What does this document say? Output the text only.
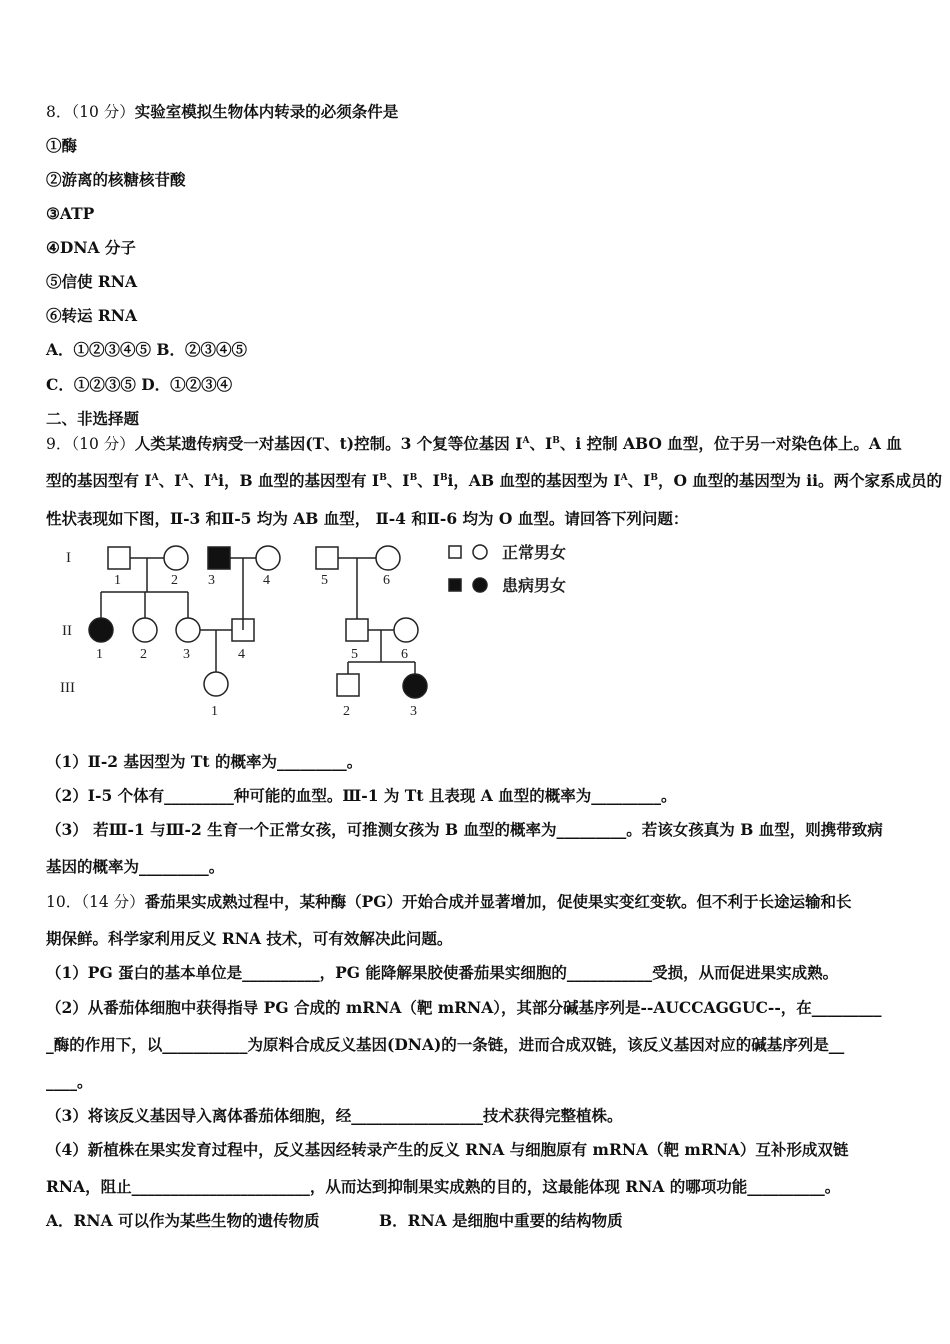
8．（10 分）实验室模拟生物体内转录的必须条件是
①酶
②游离的核糖核苷酸
③ATP
④DNA 分子
⑤信使 RNA
⑥转运 RNA
A．①②③④⑤ B．②③④⑤
C．①②③⑤ D．①②③④
二、非选择题
9．（10 分）人类某遗传病受一对基因(T、t)控制。3 个复等位基因 $I^A$、$I^B$、i 控制 ABO 血型，位于另一对染色体上。A 血
型的基因型有 $I^A$、$I^A$、$I^Ai$，B 血型的基因型有 $I^B$、$I^B$、$I^Bi$，AB 血型的基因型为 $I^A$、$I^B$，O 血型的基因型为 ii。两个家系成员的
性状表现如下图，Ⅱ-3 和Ⅱ-5 均为 AB 血型， Ⅱ-4 和Ⅱ-6 均为 O 血型。请回答下列问题：
I
II
III
1	2 3	4	5	6
1	2	3	4	5	6
1	2	3
正常男女
患病男女
（1）Ⅱ-2 基因型为 Tt 的概率为_________。
（2）Ⅰ-5 个体有_________种可能的血型。Ⅲ-1 为 Tt 且表现 A 血型的概率为_________。
（3） 若Ⅲ-1 与Ⅲ-2 生育一个正常女孩，可推测女孩为 B 血型的概率为_________。若该女孩真为 B 血型，则携带致病
基因的概率为_________。
10．（14 分）番茄果实成熟过程中，某种酶（PG）开始合成并显著增加，促使果实变红变软。但不利于长途运输和长
期保鲜。科学家利用反义 RNA 技术，可有效解决此问题。
（1）PG 蛋白的基本单位是__________，PG 能降解果胶使番茄果实细胞的___________受损，从而促进果实成熟。
（2）从番茄体细胞中获得指导 PG 合成的 mRNA（靶 mRNA），其部分碱基序列是--AUCCAGGUC--，在_________
_酶的作用下，以___________为原料合成反义基因(DNA)的一条链，进而合成双链，该反义基因对应的碱基序列是__
____。
（3）将该反义基因导入离体番茄体细胞，经_________________技术获得完整植株。
（4）新植株在果实发育过程中，反义基因经转录产生的反义 RNA 与细胞原有 mRNA（靶 mRNA）互补形成双链
RNA，阻止_______________________，从而达到抑制果实成熟的目的，这最能体现 RNA 的哪项功能__________。
A．RNA 可以作为某些生物的遗传物质	B．RNA 是细胞中重要的结构物质
